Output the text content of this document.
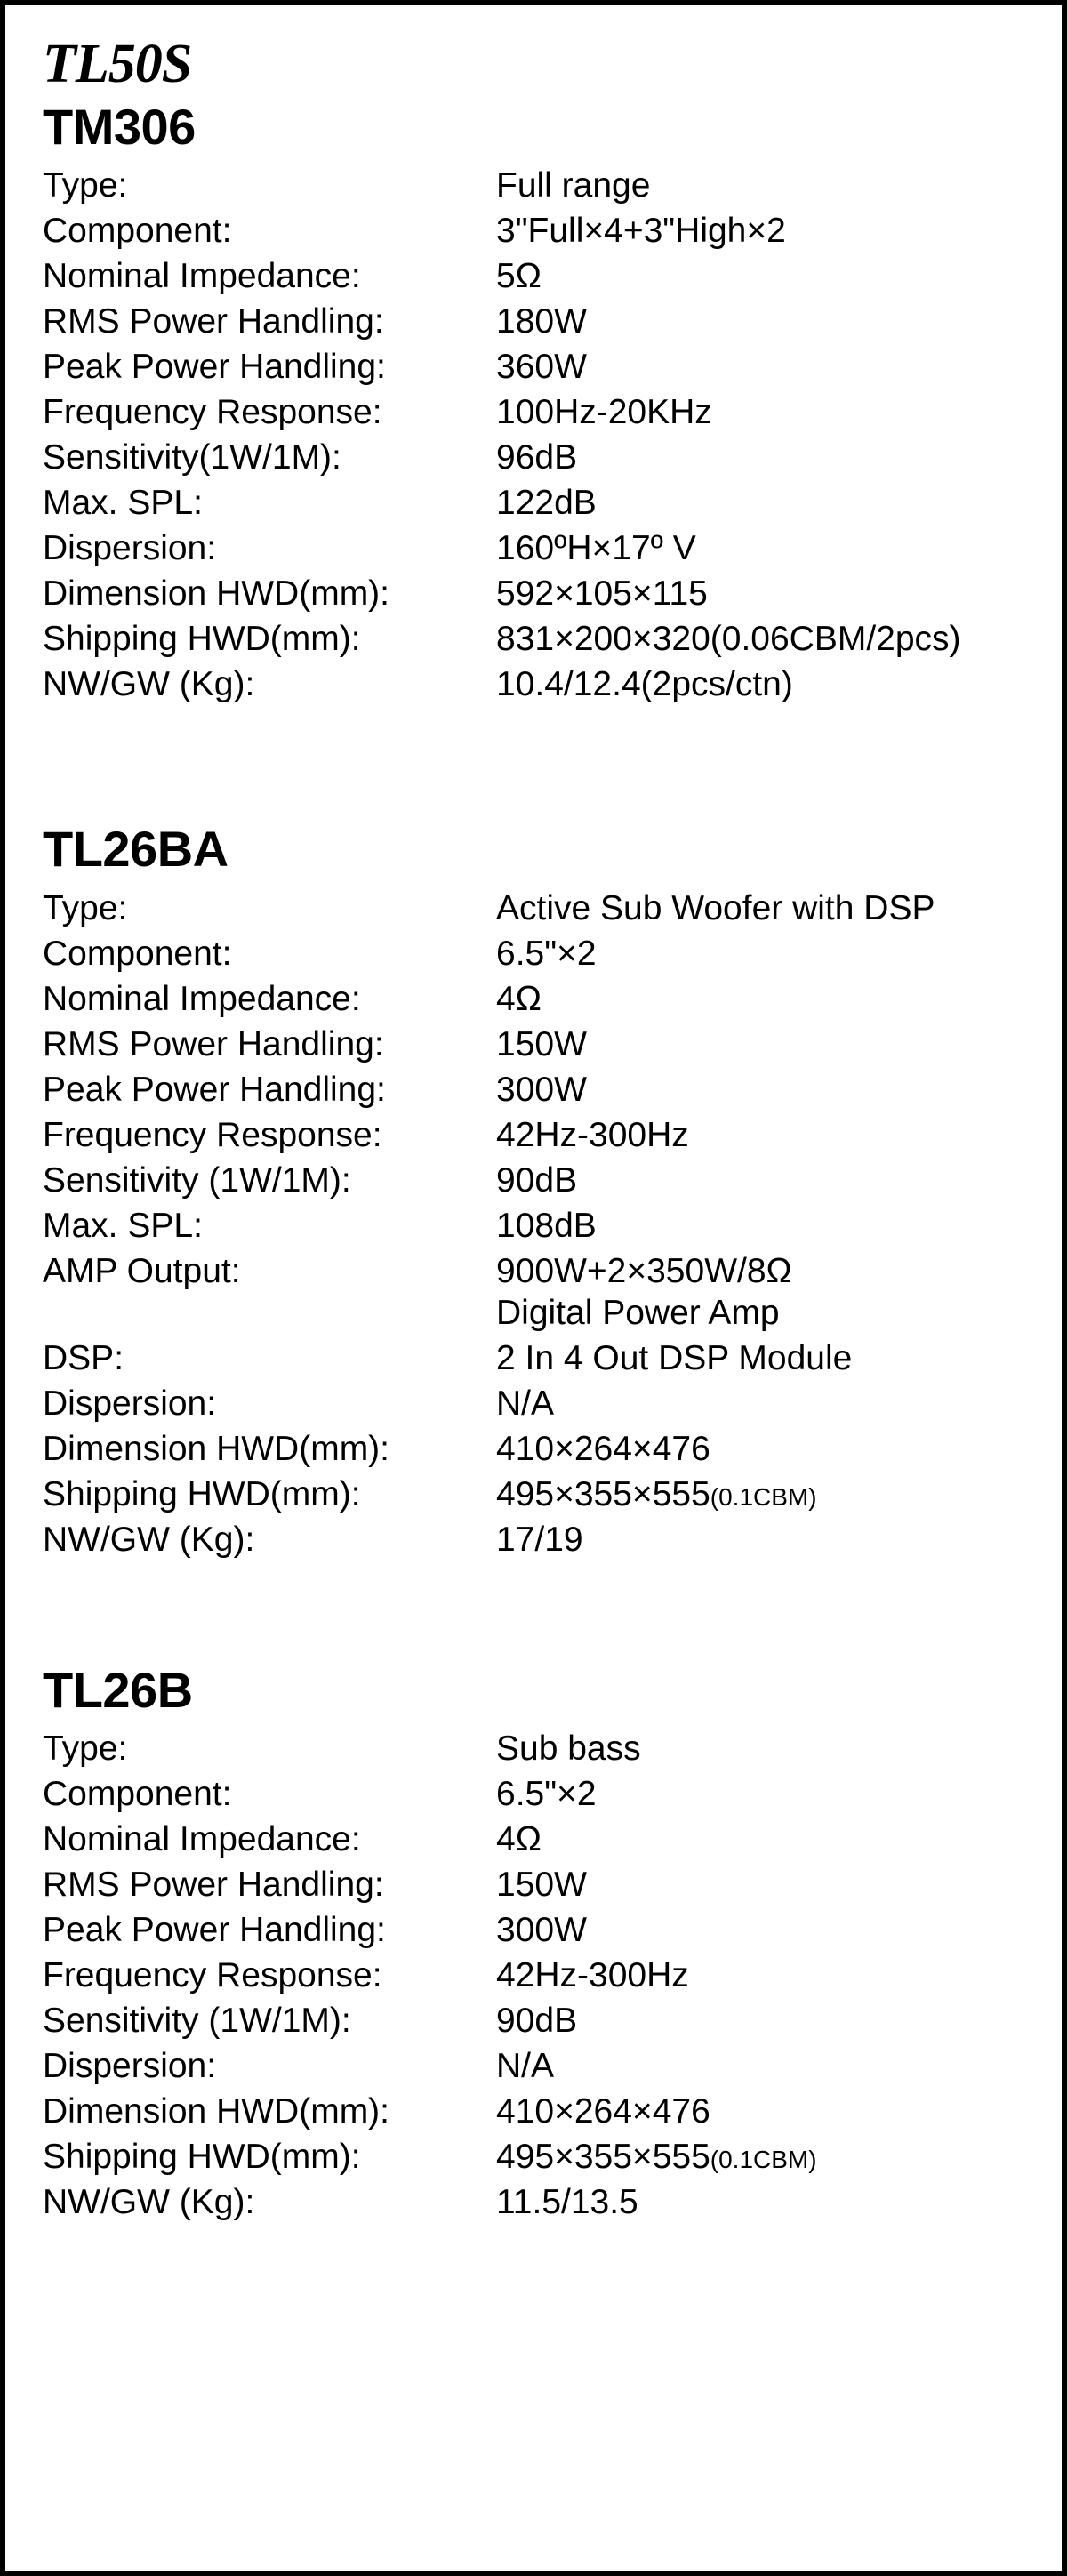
TL50S
TM306
Type:	Full range
Component:	3"Full×4+3"High×2
Nominal Impedance:	5Ω
RMS Power Handling:	180W
Peak Power Handling:	360W
Frequency Response:	100Hz-20KHz
Sensitivity(1W/1M):	96dB
Max. SPL:	122dB
Dispersion:	160ºH×17º V
Dimension HWD(mm):	592×105×115
Shipping HWD(mm):	831×200×320(0.06CBM/2pcs)
NW/GW (Kg):	10.4/12.4(2pcs/ctn)
TL26BA
Type:	Active Sub Woofer with DSP
Component:	6.5"×2
Nominal Impedance:	4Ω
RMS Power Handling:	150W
Peak Power Handling:	300W
Frequency Response:	42Hz-300Hz
Sensitivity (1W/1M):	90dB
Max. SPL:	108dB
AMP Output:	900W+2×350W/8Ω
	Digital Power Amp
DSP:	2 In 4 Out DSP Module
Dispersion:	N/A
Dimension HWD(mm):	410×264×476
Shipping HWD(mm):	495×355×555(0.1CBM)
NW/GW (Kg):	17/19
TL26B
Type:	Sub bass
Component:	6.5"×2
Nominal Impedance:	4Ω
RMS Power Handling:	150W
Peak Power Handling:	300W
Frequency Response:	42Hz-300Hz
Sensitivity (1W/1M):	90dB
Dispersion:	N/A
Dimension HWD(mm):	410×264×476
Shipping HWD(mm):	495×355×555(0.1CBM)
NW/GW (Kg):	11.5/13.5
